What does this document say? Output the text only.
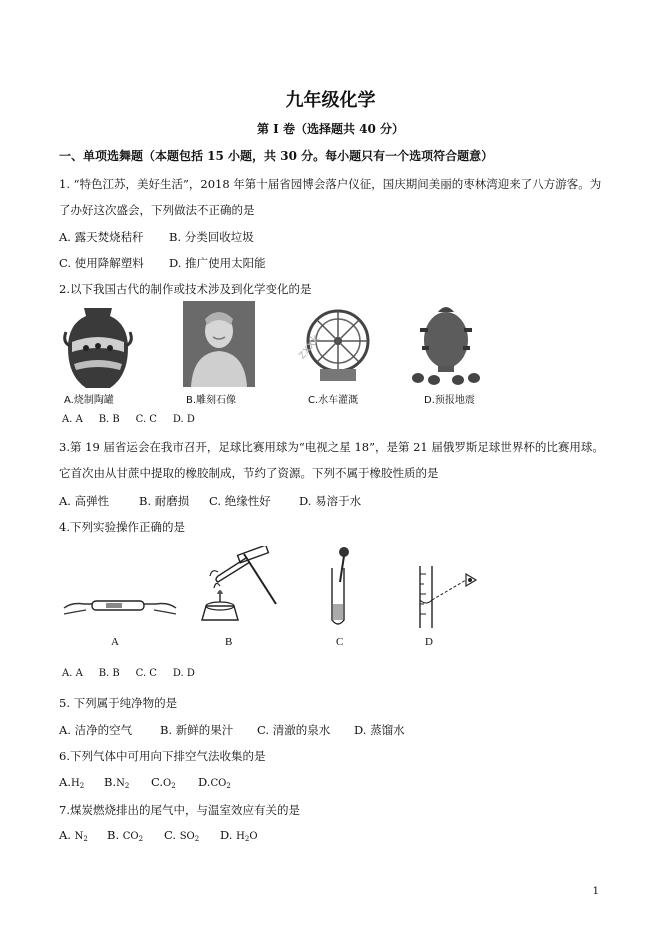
九年级化学
第 I 卷（选择题共 40 分）
一、单项选舞题（本题包括 15 小题，共 30 分。每小题只有一个选项符合题意）
1. “特色江苏，美好生活”，2018 年第十届省园博会落户仪征，国庆期间美丽的枣林湾迎来了八方游客。为
了办好这次盛会，下列做法不正确的是
A. 露天焚烧秸秆 B. 分类回收垃圾
C. 使用降解塑料 D. 推广使用太阳能
2.以下我国古代的制作或技术涉及到化学变化的是
A.烧制陶罐	B.雕刻石像
zxxk
C.水车灌溉	D.预报地震
A. A     B. B     C. C     D. D
3.第 19 届省运会在我市召开，足球比赛用球为“电视之星 18”，是第 21 届俄罗斯足球世界杯的比赛用球。
它首次由从甘蔗中提取的橡胶制成，节约了资源。下列不属于橡胶性质的是
A. 高弹性	B. 耐磨损 C. 绝缘性好 D. 易溶于水
4.下列实验操作正确的是
A	B	C	D
A. A     B. B     C. C     D. D
5. 下列属于纯净物的是
A. 洁净的空气 B. 新鲜的果汁 C. 清澈的泉水 D. 蒸馏水
6.下列气体中可用向下排空气法收集的是
$A.H_2$ $B.N_2$ $C.O_2$ $D.CO_2$
7.煤炭燃烧排出的尾气中，与温室效应有关的是
A. $N_2$ B. $CO_2$ C. $SO_2$ D. $H_2O$
1
